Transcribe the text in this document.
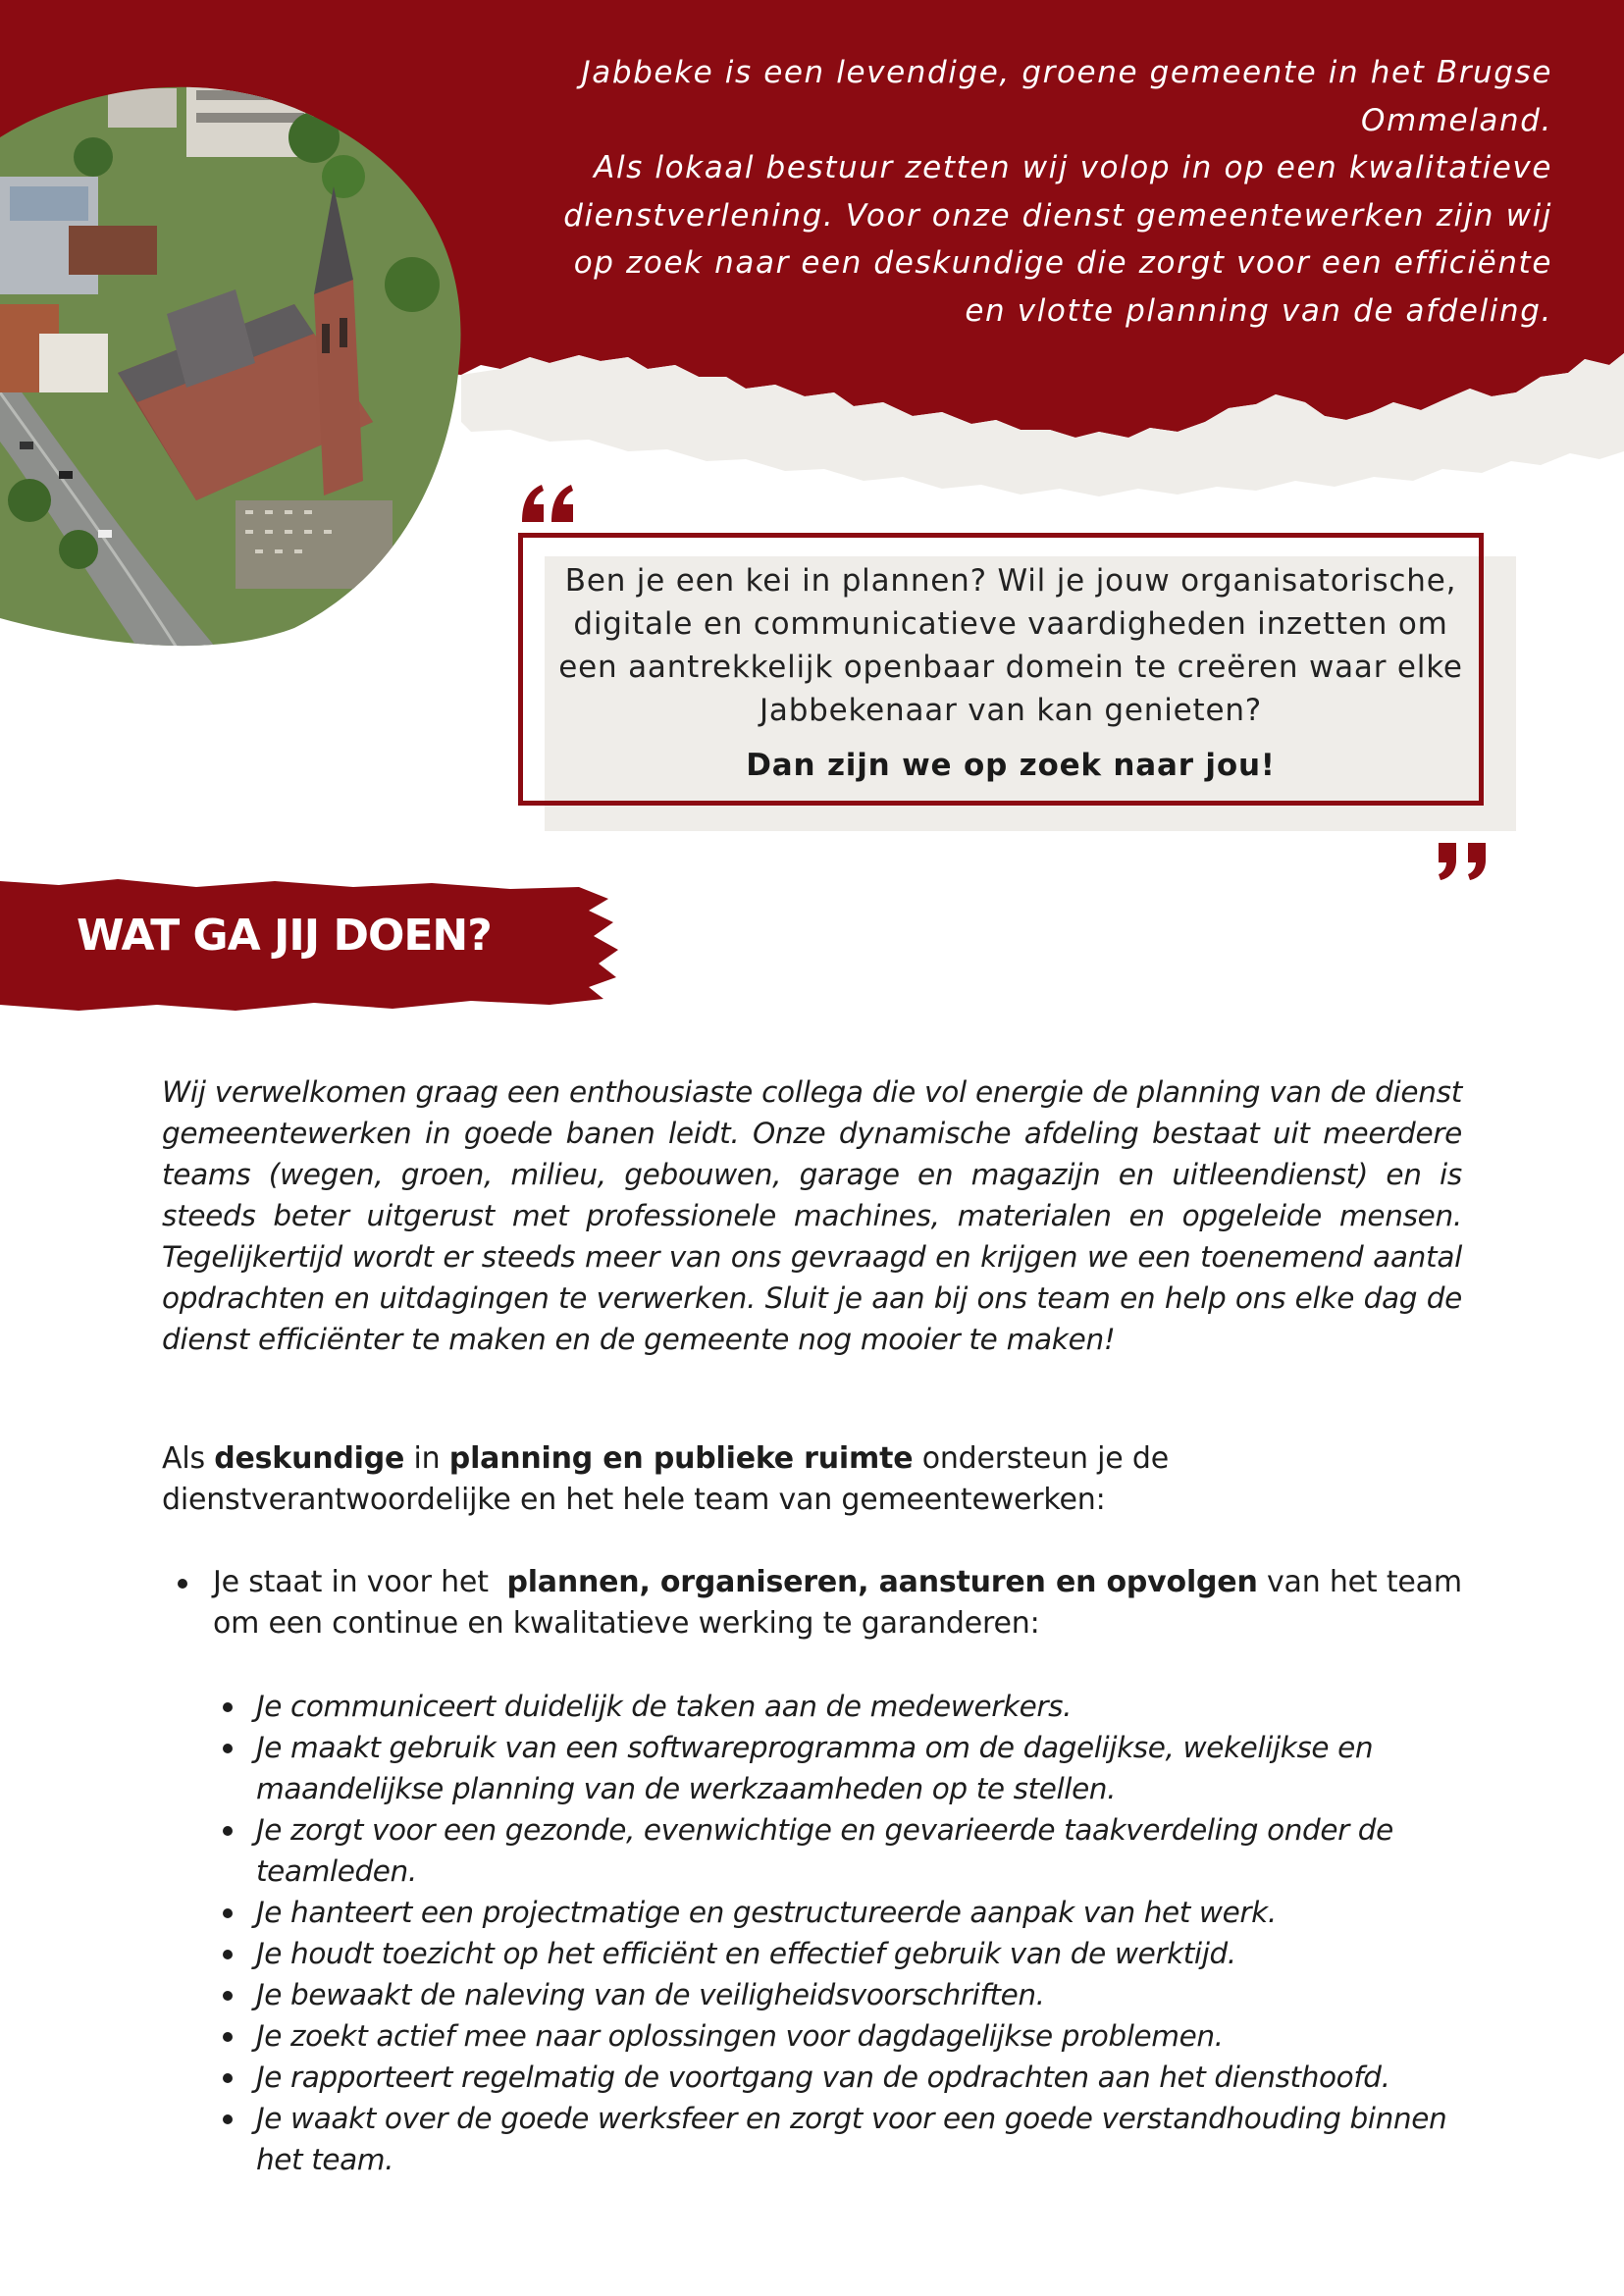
Jabbeke is een levendige, groene gemeente in het Brugse Ommeland.
Als lokaal bestuur zetten wij volop in op een kwalitatieve
dienstverlening. Voor onze dienst gemeentewerken zijn wij
op zoek naar een deskundige die zorgt voor een efficiënte
en vlotte planning van de afdeling.
Ben je een kei in plannen? Wil je jouw organisatorische,
digitale en communicatieve vaardigheden inzetten om
een aantrekkelijk openbaar domein te creëren waar elke
Jabbekenaar van kan genieten?
Dan zijn we op zoek naar jou!
WAT GA JIJ DOEN?

Wij verwelkomen graag een enthousiaste collega die vol energie de planning van de dienst gemeentewerken in goede banen leidt. Onze dynamische afdeling bestaat uit meerdere teams (wegen, groen, milieu, gebouwen, garage en magazijn en uitleendienst) en is steeds beter uitgerust met professionele machines, materialen en opgeleide mensen. Tegelijkertijd wordt er steeds meer van ons gevraagd en krijgen we een toenemend aantal opdrachten en uitdagingen te verwerken. Sluit je aan bij ons team en help ons elke dag de dienst efficiënter te maken en de gemeente nog mooier te maken!

Als deskundige in planning en publieke ruimte ondersteun je de dienstverantwoordelijke en het hele team van gemeentewerken:

Je staat in voor het  plannen, organiseren, aansturen en opvolgen van het team om een continue en kwalitatieve werking te garanderen:
Je communiceert duidelijk de taken aan de medewerkers.
Je maakt gebruik van een softwareprogramma om de dagelijkse, wekelijkse en maandelijkse planning van de werkzaamheden op te stellen.
Je zorgt voor een gezonde, evenwichtige en gevarieerde taakverdeling onder de teamleden.
Je hanteert een projectmatige en gestructureerde aanpak van het werk.
Je houdt toezicht op het efficiënt en effectief gebruik van de werktijd.
Je bewaakt de naleving van de veiligheidsvoorschriften.
Je zoekt actief mee naar oplossingen voor dagdagelijkse problemen.
Je rapporteert regelmatig de voortgang van de opdrachten aan het diensthoofd.
Je waakt over de goede werksfeer en zorgt voor een goede verstandhouding binnen het team.
